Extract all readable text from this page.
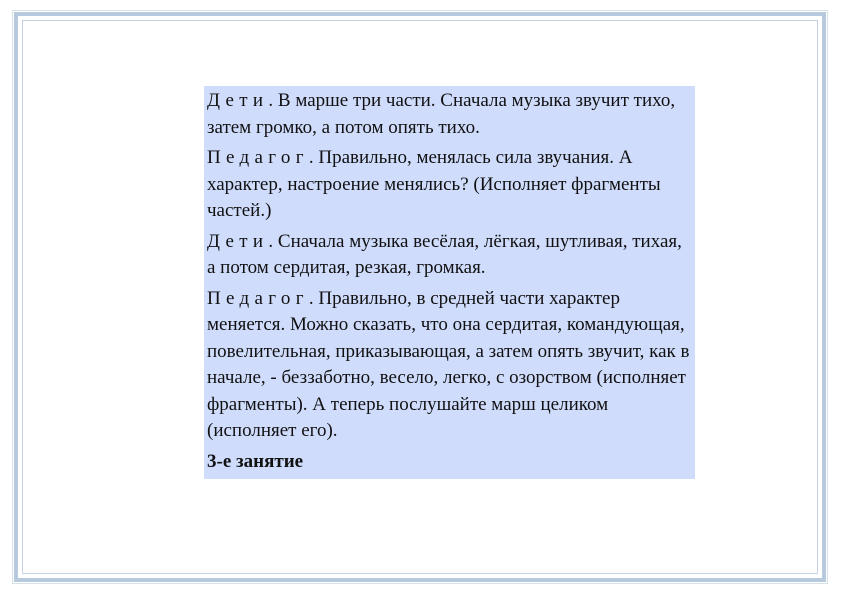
Дети. В марше три части. Сначала музыка звучит тихо, затем громко, а потом опять тихо.

Педагог. Правильно, менялась сила звучания. А характер, настроение менялись? (Исполняет фрагменты частей.)

Дети. Сначала музыка весёлая, лёгкая, шутливая, тихая, а потом сердитая, резкая, громкая.

Педагог. Правильно, в средней части характер меняется. Можно сказать, что она сердитая, командующая, повелительная, приказывающая, а затем опять звучит, как в начале, - беззаботно, весело, легко, с озорством (исполняет фрагменты). А теперь послушайте марш целиком (исполняет его).

3-е занятие
